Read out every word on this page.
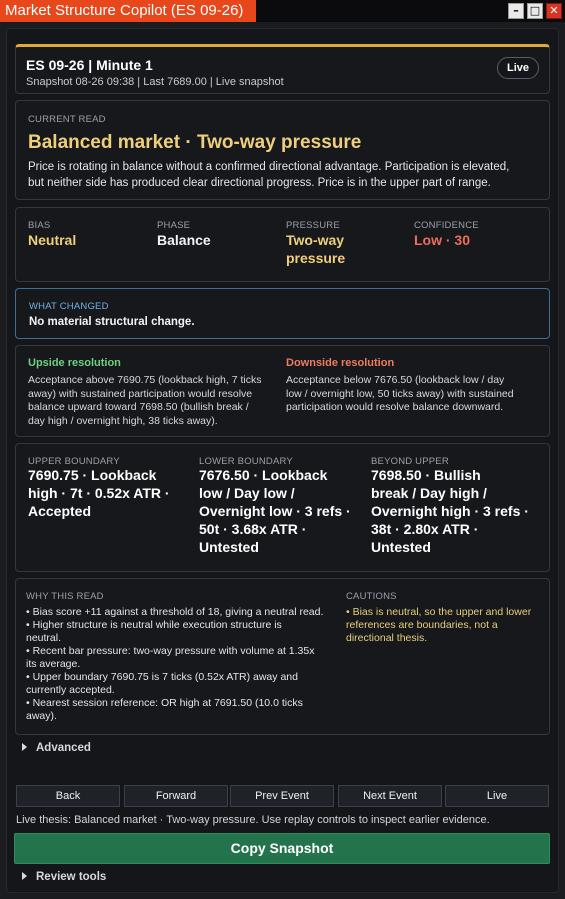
Market Structure Copilot (ES 09-26)	–	□ ✕
ES 09-26 | Minute 1
Snapshot 08-26 09:38 | Last 7689.00 | Live snapshot
Live
CURRENT READ
Balanced market · Two-way pressure
Price is rotating in balance without a confirmed directional advantage. Participation is elevated,
but neither side has produced clear directional progress. Price is in the upper part of range.
BIAS
Neutral
PHASE
Balance
PRESSURE
Two-way
pressure
CONFIDENCE
Low · 30
WHAT CHANGED
No material structural change.
Upside resolution
Acceptance above 7690.75 (lookback high, 7 ticks
away) with sustained participation would resolve
balance upward toward 7698.50 (bullish break /
day high / overnight high, 38 ticks away).
Downside resolution
Acceptance below 7676.50 (lookback low / day
low / overnight low, 50 ticks away) with sustained
participation would resolve balance downward.
UPPER BOUNDARY
7690.75 · Lookback
high · 7t · 0.52x ATR ·
Accepted
LOWER BOUNDARY
7676.50 · Lookback
low / Day low /
Overnight low · 3 refs ·
50t · 3.68x ATR ·
Untested
BEYOND UPPER
7698.50 · Bullish
break / Day high /
Overnight high · 3 refs ·
38t · 2.80x ATR ·
Untested
WHY THIS READ
• Bias score +11 against a threshold of 18, giving a neutral read.
• Higher structure is neutral while execution structure is
neutral.
• Recent bar pressure: two-way pressure with volume at 1.35x
its average.
• Upper boundary 7690.75 is 7 ticks (0.52x ATR) away and
currently accepted.
• Nearest session reference: OR high at 7691.50 (10.0 ticks
away).
CAUTIONS
• Bias is neutral, so the upper and lower
references are boundaries, not a
directional thesis.
Advanced
Back	Forward	Prev Event	Next Event	Live
Live thesis: Balanced market · Two-way pressure. Use replay controls to inspect earlier evidence.
Copy Snapshot
Review tools
